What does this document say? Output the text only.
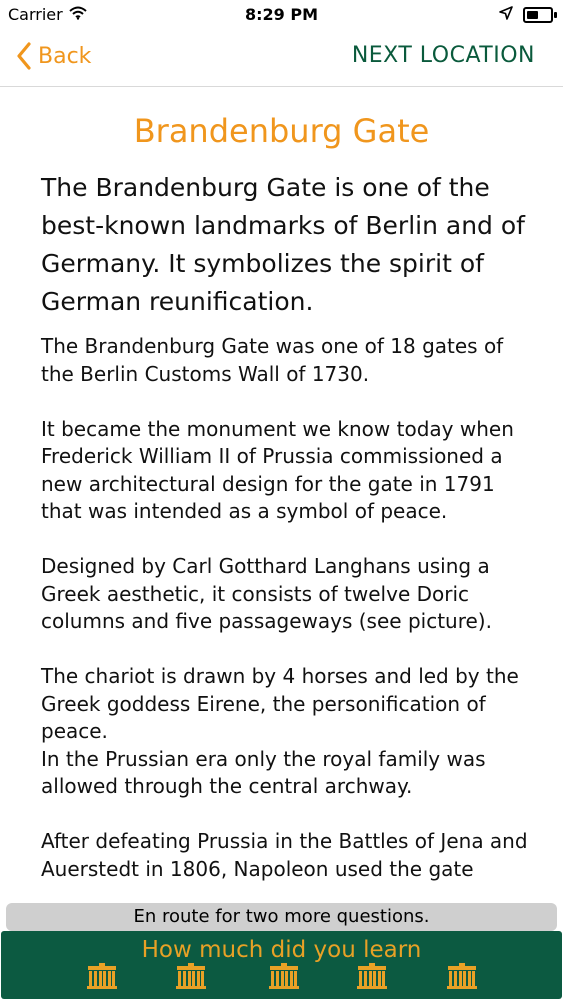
Carrier	8:29 PM
Back	NEXT LOCATION
Brandenburg Gate

The Brandenburg Gate is one of the best-known landmarks of Berlin and of Germany. It symbolizes the spirit of German reunification.

The Brandenburg Gate was one of 18 gates of the Berlin Customs Wall of 1730.

It became the monument we know today when Frederick William II of Prussia commissioned a new architectural design for the gate in 1791 that was intended as a symbol of peace.

Designed by Carl Gotthard Langhans using a Greek aesthetic, it consists of twelve Doric columns and five passageways (see picture).

The chariot is drawn by 4 horses and led by the Greek goddess Eirene, the personification of peace.
In the Prussian era only the royal family was allowed through the central archway.

After defeating Prussia in the Battles of Jena and Auerstedt in 1806, Napoleon used the gate

En route for two more questions.
How much did you learn
